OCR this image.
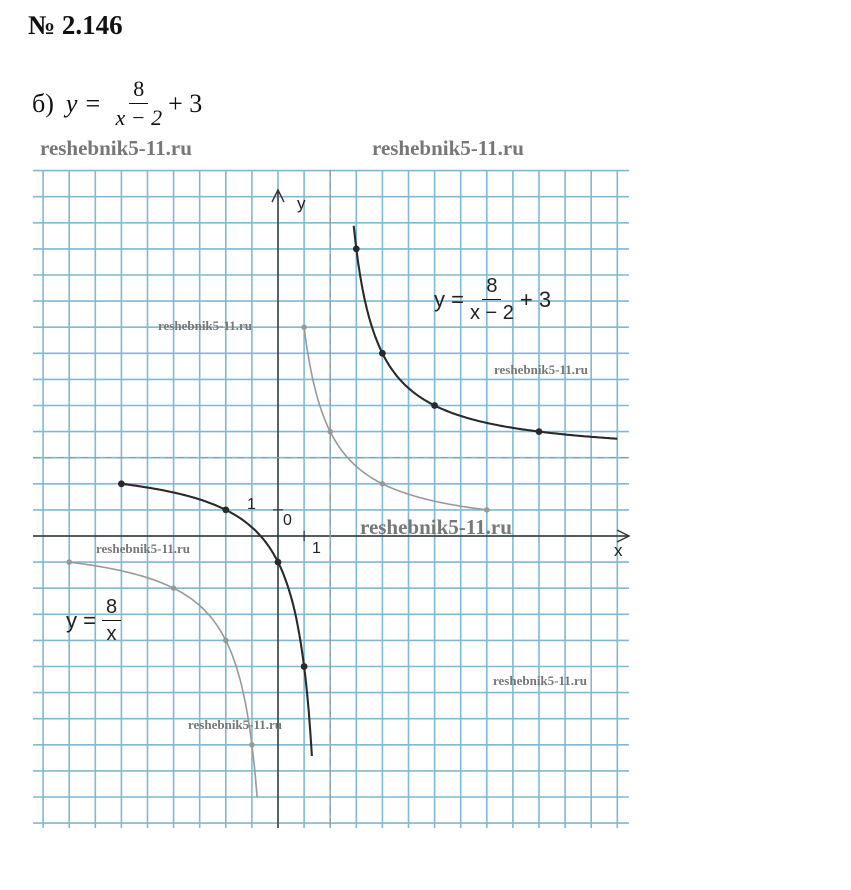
№ 2.146
б) $y = \frac{8}{x - 2} + 3$
reshebnik5-11.ru	reshebnik5-11.ru
reshebnik5-11.ru
reshebnik5-11.ru
reshebnik5-11.ru
reshebnik5-11.ru
reshebnik5-11.ru
reshebnik5-11.ru
y
x
0
1
1
$y = \frac{8}{x - 2} + 3$
$y = \frac{8}{x}$
